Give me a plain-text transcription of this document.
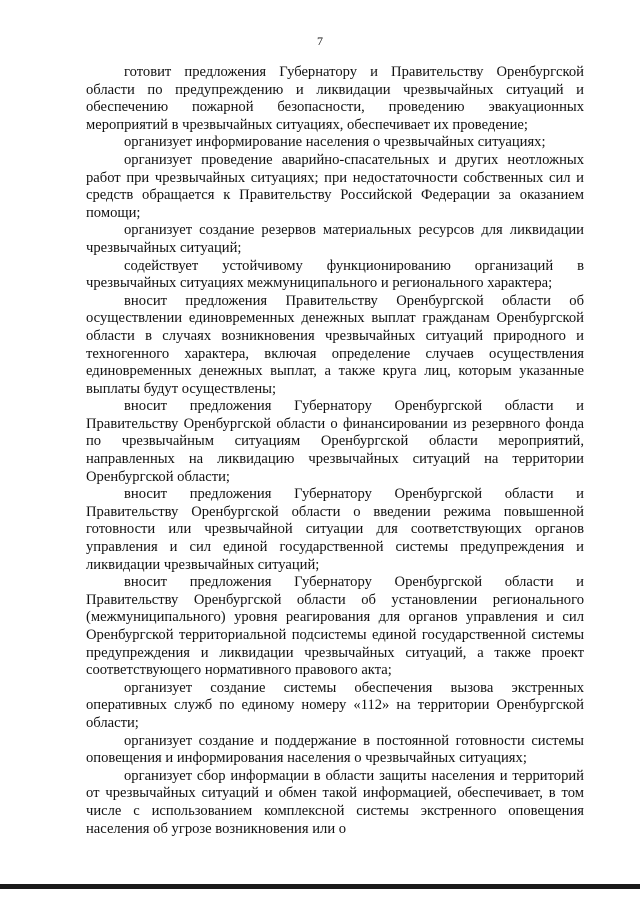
7

готовит предложения Губернатору и Правительству Оренбургской области по предупреждению и ликвидации чрезвычайных ситуаций и обеспечению пожарной безопасности, проведению эвакуационных мероприятий в чрезвычайных ситуациях, обеспечивает их проведение;

организует информирование населения о чрезвычайных ситуациях;

организует проведение аварийно-спасательных и других неотложных работ при чрезвычайных ситуациях; при недостаточности собственных сил и средств обращается к Правительству Российской Федерации за оказанием помощи;

организует создание резервов материальных ресурсов для ликвидации чрезвычайных ситуаций;

содействует устойчивому функционированию организаций в чрезвычайных ситуациях межмуниципального и регионального характера;

вносит предложения Правительству Оренбургской области об осуществлении единовременных денежных выплат гражданам Оренбургской области в случаях возникновения чрезвычайных ситуаций природного и техногенного характера, включая определение случаев осуществления единовременных денежных выплат, а также круга лиц, которым указанные выплаты будут осуществлены;

вносит предложения Губернатору Оренбургской области и Правительству Оренбургской области о финансировании из резервного фонда по чрезвычайным ситуациям Оренбургской области мероприятий, направленных на ликвидацию чрезвычайных ситуаций на территории Оренбургской области;

вносит предложения Губернатору Оренбургской области и Правительству Оренбургской области о введении режима повышенной готовности или чрезвычайной ситуации для соответствующих органов управления и сил единой государственной системы предупреждения и ликвидации чрезвычайных ситуаций;

вносит предложения Губернатору Оренбургской области и Правительству Оренбургской области об установлении регионального (межмуниципального) уровня реагирования для органов управления и сил Оренбургской территориальной подсистемы единой государственной системы предупреждения и ликвидации чрезвычайных ситуаций, а также проект соответствующего нормативного правового акта;

организует создание системы обеспечения вызова экстренных оперативных служб по единому номеру «112» на территории Оренбургской области;

организует создание и поддержание в постоянной готовности системы оповещения и информирования населения о чрезвычайных ситуациях;

организует сбор информации в области защиты населения и территорий от чрезвычайных ситуаций и обмен такой информацией, обеспечивает, в том числе с использованием комплексной системы экстренного оповещения населения об угрозе возникновения или о
